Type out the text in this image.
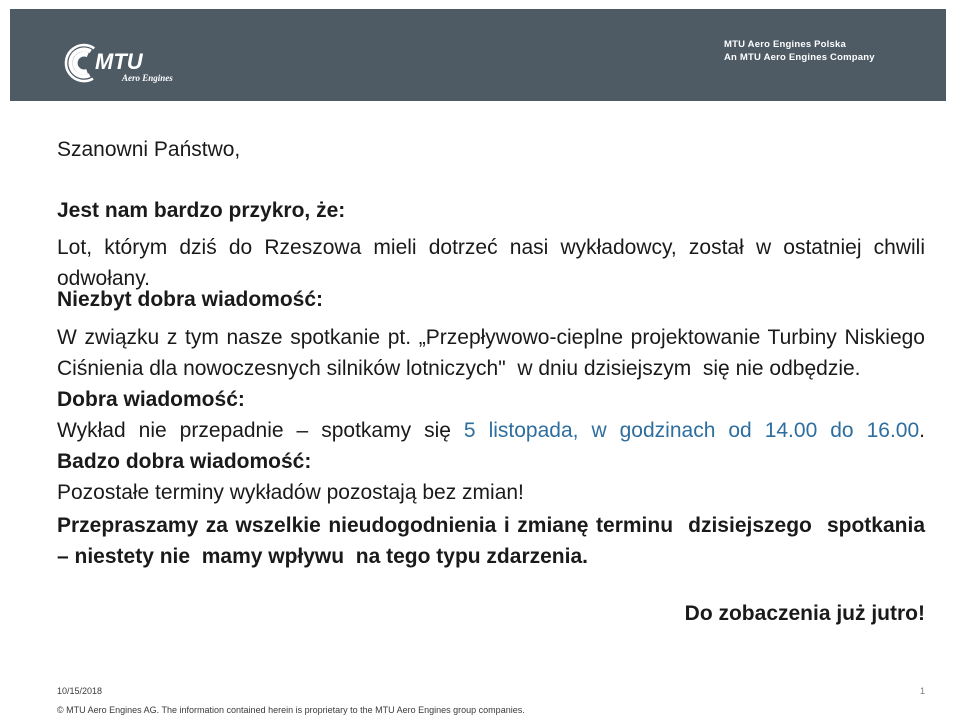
MTU
Aero Engines
MTU Aero Engines Polska
An MTU Aero Engines Company

Szanowni Państwo,

Jest nam bardzo przykro, że:

Lot, którym dziś do Rzeszowa mieli dotrzeć nasi wykładowcy, został w ostatniej chwili

odwołany.

Niezbyt dobra wiadomość:

W związku z tym nasze spotkanie pt. „Przepływowo-cieplne projektowanie Turbiny Niskiego

Ciśnienia dla nowoczesnych silników lotniczych"  w dniu dzisiejszym  się nie odbędzie.

Dobra wiadomość:

Wykład nie przepadnie – spotkamy się 5 listopada, w godzinach od 14.00 do 16.00.

Badzo dobra wiadomość:

Pozostałe terminy wykładów pozostają bez zmian!

Przepraszamy za wszelkie nieudogodnienia i zmianę terminu  dzisiejszego  spotkania

– niestety nie  mamy wpływu  na tego typu zdarzenia.

Do zobaczenia już jutro!

10/15/2018	1

© MTU Aero Engines AG. The information contained herein is proprietary to the MTU Aero Engines group companies.
